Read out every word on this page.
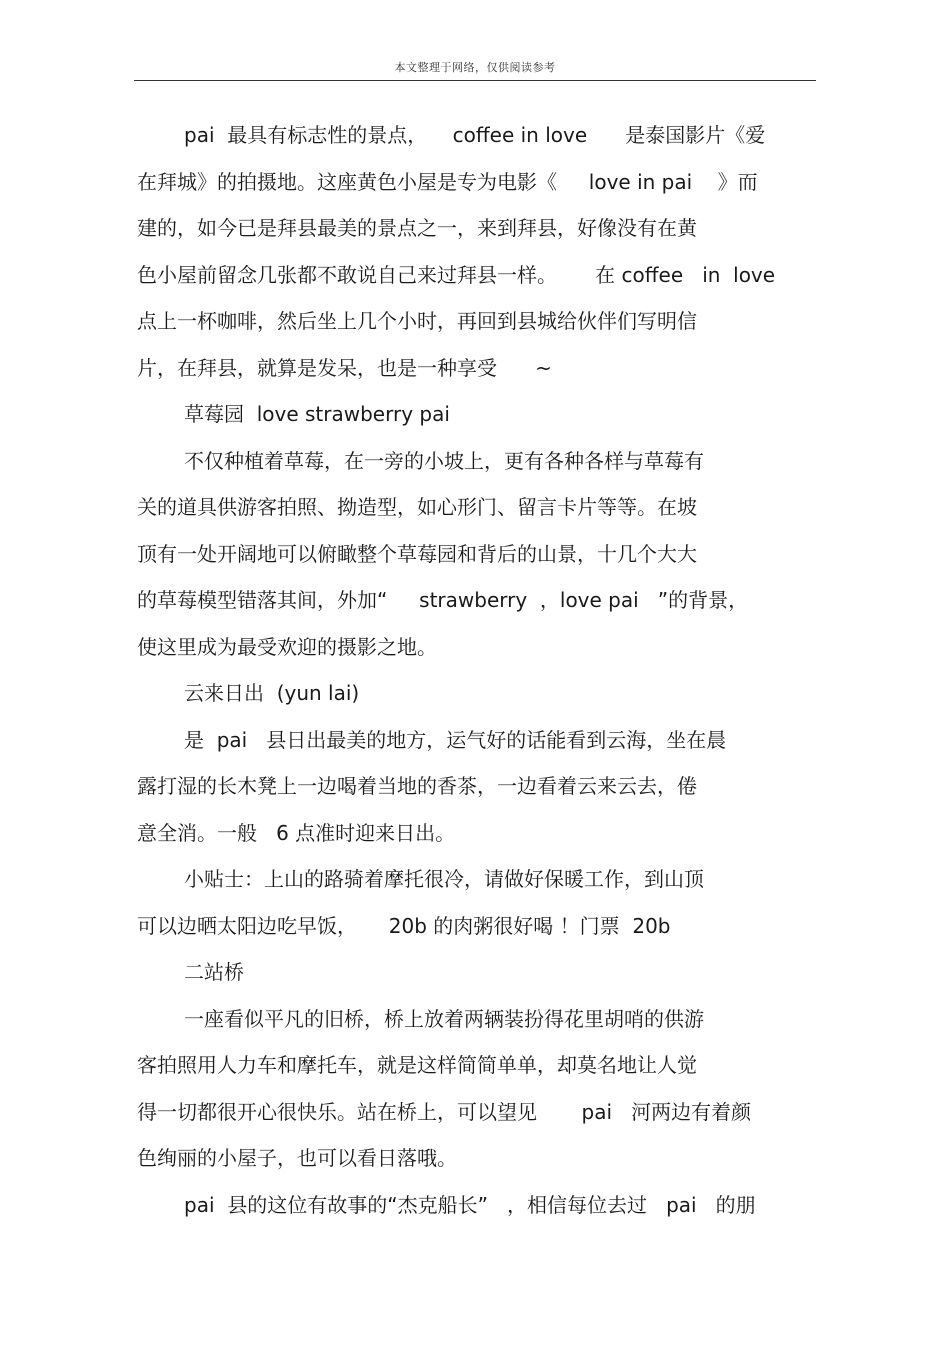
本文整理于网络，仅供阅读参考
pai  最具有标志性的景点，    coffee in love      是泰国影片《爱
在拜城》的拍摄地。这座黄色小屋是专为电影《     love in pai    》而
建的，如今已是拜县最美的景点之一，来到拜县，好像没有在黄
色小屋前留念几张都不敢说自己来过拜县一样。      在 coffee   in  love
点上一杯咖啡，然后坐上几个小时，再回到县城给伙伴们写明信
片，在拜县，就算是发呆，也是一种享受      ~
草莓园  love strawberry pai
不仅种植着草莓，在一旁的小坡上，更有各种各样与草莓有
关的道具供游客拍照、拗造型，如心形门、留言卡片等等。在坡
顶有一处开阔地可以俯瞰整个草莓园和背后的山景，十几个大大
的草莓模型错落其间，外加“     strawberry  ，love pai   ”的背景，
使这里成为最受欢迎的摄影之地。
云来日出  (yun lai)
是  pai   县日出最美的地方，运气好的话能看到云海，坐在晨
露打湿的长木凳上一边喝着当地的香茶，一边看着云来云去，倦
意全消。一般   6 点准时迎来日出。
小贴士：上山的路骑着摩托很冷，请做好保暖工作，到山顶
可以边晒太阳边吃早饭，     20b 的肉粥很好喝 ！门票  20b
二站桥
一座看似平凡的旧桥，桥上放着两辆装扮得花里胡哨的供游
客拍照用人力车和摩托车，就是这样简简单单，却莫名地让人觉
得一切都很开心很快乐。站在桥上，可以望见       pai   河两边有着颜
色绚丽的小屋子，也可以看日落哦。
pai  县的这位有故事的“杰克船长”   ，相信每位去过   pai   的朋
